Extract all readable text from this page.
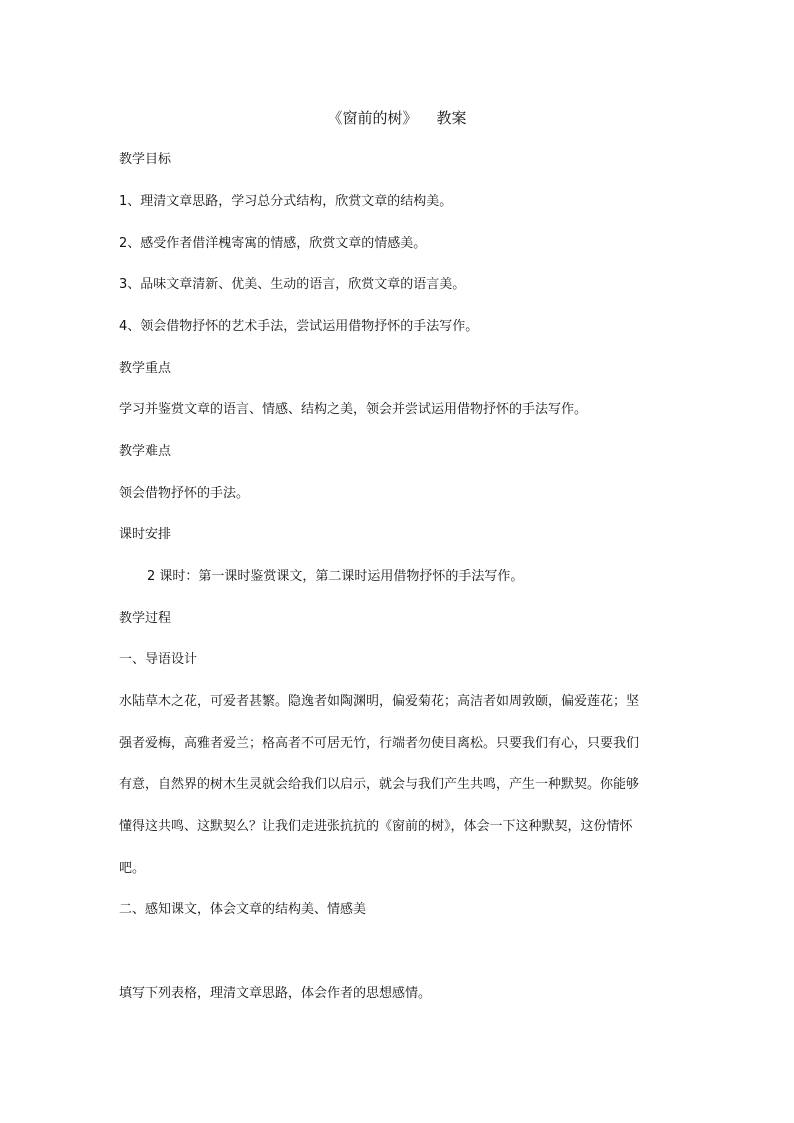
《窗前的树》    教案
教学目标
1、理清文章思路，学习总分式结构，欣赏文章的结构美。
2、感受作者借洋槐寄寓的情感，欣赏文章的情感美。
3、品味文章清新、优美、生动的语言，欣赏文章的语言美。
4、领会借物抒怀的艺术手法，尝试运用借物抒怀的手法写作。
教学重点
学习并鉴赏文章的语言、情感、结构之美，领会并尝试运用借物抒怀的手法写作。
教学难点
领会借物抒怀的手法。
课时安排
2 课时：第一课时鉴赏课文，第二课时运用借物抒怀的手法写作。
教学过程
一、导语设计
水陆草木之花，可爱者甚繁。隐逸者如陶渊明，偏爱菊花；高洁者如周敦颐，偏爱莲花；坚
强者爱梅，高雅者爱兰；格高者不可居无竹，行端者勿使目离松。只要我们有心，只要我们
有意，自然界的树木生灵就会给我们以启示，就会与我们产生共鸣，产生一种默契。你能够
懂得这共鸣、这默契么？让我们走进张抗抗的《窗前的树》，体会一下这种默契，这份情怀
吧。
二、感知课文，体会文章的结构美、情感美
填写下列表格，理清文章思路，体会作者的思想感情。
